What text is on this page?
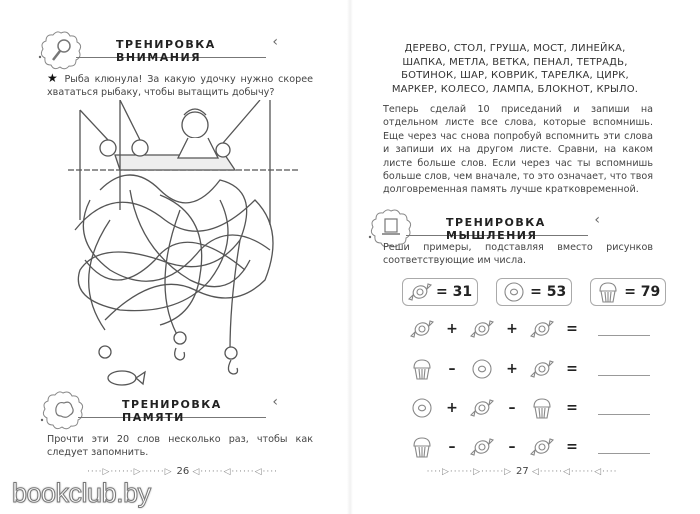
ТРЕНИРОВКА ВНИМАНИЯ
‹
★ Рыба клюнула! За какую удочку нужно скорее хвататься рыбаку, чтобы вытащить добычу?
ТРЕНИРОВКА ПАМЯТИ
‹
Прочти эти 20 слов несколько раз, чтобы как следует запомнить.
····▷······▷······▷ 26 ◁······◁······◁····
bookclub.by
ДЕРЕВО, СТОЛ, ГРУША, МОСТ, ЛИНЕЙКА,
ШАПКА, МЕТЛА, ВЕТКА, ПЕНАЛ, ТЕТРАДЬ,
БОТИНОК, ШАР, КОВРИК, ТАРЕЛКА, ЦИРК,
МАРКЕР, КОЛЕСО, ЛАМПА, БЛОКНОТ, КРЫЛО.
Теперь сделай 10 приседаний и запиши на отдельном листе все слова, которые вспомнишь. Еще через час снова попробуй вспомнить эти слова и запиши их на другом листе. Сравни, на каком листе больше слов. Если через час ты вспомнишь больше слов, чем вначале, то это означает, что твоя долговременная память лучше кратковременной.
ТРЕНИРОВКА МЫШЛЕНИЯ
‹
Реши примеры, подставляя вместо рисунков соответствующие им числа.
= 31	= 53	= 79
+	+	=
–	+	=
+	–	=
–	–	=
····▷······▷······▷ 27 ◁······◁······◁····
